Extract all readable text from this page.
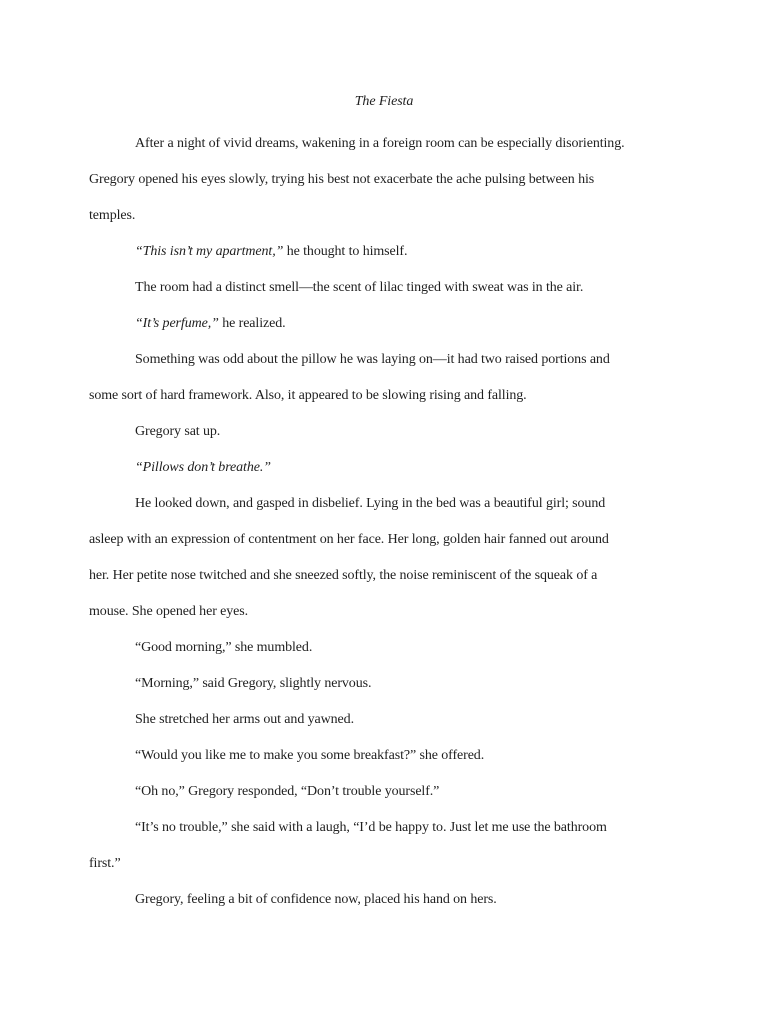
The Fiesta

After a night of vivid dreams, wakening in a foreign room can be especially disorienting.
Gregory opened his eyes slowly, trying his best not exacerbate the ache pulsing between his
temples.

“This isn’t my apartment,” he thought to himself.

The room had a distinct smell—the scent of lilac tinged with sweat was in the air.

“It’s perfume,” he realized.

Something was odd about the pillow he was laying on—it had two raised portions and
some sort of hard framework. Also, it appeared to be slowing rising and falling.

Gregory sat up.

“Pillows don’t breathe.”

He looked down, and gasped in disbelief. Lying in the bed was a beautiful girl; sound
asleep with an expression of contentment on her face. Her long, golden hair fanned out around
her. Her petite nose twitched and she sneezed softly, the noise reminiscent of the squeak of a
mouse. She opened her eyes.

“Good morning,” she mumbled.

“Morning,” said Gregory, slightly nervous.

She stretched her arms out and yawned.

“Would you like me to make you some breakfast?” she offered.

“Oh no,” Gregory responded, “Don’t trouble yourself.”

“It’s no trouble,” she said with a laugh, “I’d be happy to. Just let me use the bathroom
first.”

Gregory, feeling a bit of confidence now, placed his hand on hers.
